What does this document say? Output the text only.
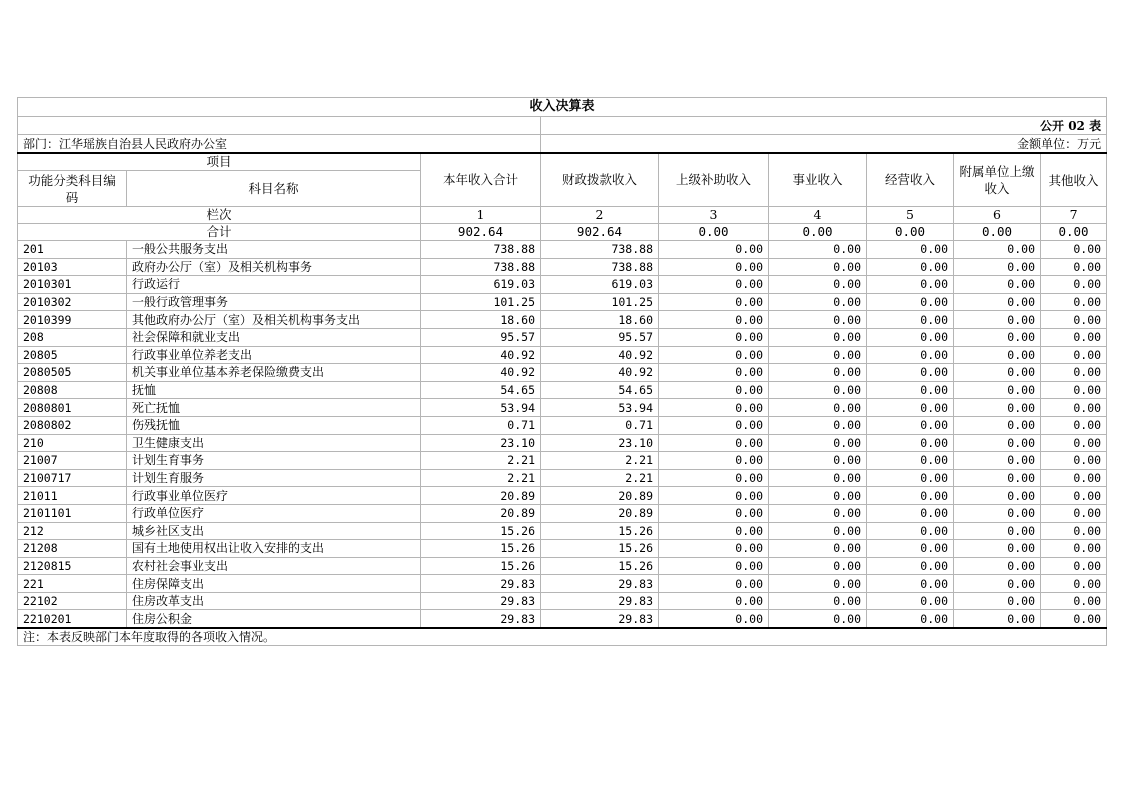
收入决算表								
			公开 02 表					
部门：江华瑶族自治县人民政府办公室			金额单位：万元					
项目		本年收入合计	财政拨款收入	上级补助收入	事业收入	经营收入	附属单位上缴收入	其他收入
功能分类科目编码	科目名称							
栏次		1	2	3	4	5	6	7
合计		902.64	902.64	0.00	0.00	0.00	0.00	0.00
201	一般公共服务支出	738.88	738.88	0.00	0.00	0.00	0.00	0.00
20103	政府办公厅（室）及相关机构事务	738.88	738.88	0.00	0.00	0.00	0.00	0.00
2010301	行政运行	619.03	619.03	0.00	0.00	0.00	0.00	0.00
2010302	一般行政管理事务	101.25	101.25	0.00	0.00	0.00	0.00	0.00
2010399	其他政府办公厅（室）及相关机构事务支出	18.60	18.60	0.00	0.00	0.00	0.00	0.00
208	社会保障和就业支出	95.57	95.57	0.00	0.00	0.00	0.00	0.00
20805	行政事业单位养老支出	40.92	40.92	0.00	0.00	0.00	0.00	0.00
2080505	机关事业单位基本养老保险缴费支出	40.92	40.92	0.00	0.00	0.00	0.00	0.00
20808	抚恤	54.65	54.65	0.00	0.00	0.00	0.00	0.00
2080801	死亡抚恤	53.94	53.94	0.00	0.00	0.00	0.00	0.00
2080802	伤残抚恤	0.71	0.71	0.00	0.00	0.00	0.00	0.00
210	卫生健康支出	23.10	23.10	0.00	0.00	0.00	0.00	0.00
21007	计划生育事务	2.21	2.21	0.00	0.00	0.00	0.00	0.00
2100717	计划生育服务	2.21	2.21	0.00	0.00	0.00	0.00	0.00
21011	行政事业单位医疗	20.89	20.89	0.00	0.00	0.00	0.00	0.00
2101101	行政单位医疗	20.89	20.89	0.00	0.00	0.00	0.00	0.00
212	城乡社区支出	15.26	15.26	0.00	0.00	0.00	0.00	0.00
21208	国有土地使用权出让收入安排的支出	15.26	15.26	0.00	0.00	0.00	0.00	0.00
2120815	农村社会事业支出	15.26	15.26	0.00	0.00	0.00	0.00	0.00
221	住房保障支出	29.83	29.83	0.00	0.00	0.00	0.00	0.00
22102	住房改革支出	29.83	29.83	0.00	0.00	0.00	0.00	0.00
2210201	住房公积金	29.83	29.83	0.00	0.00	0.00	0.00	0.00
注：本表反映部门本年度取得的各项收入情况。								
